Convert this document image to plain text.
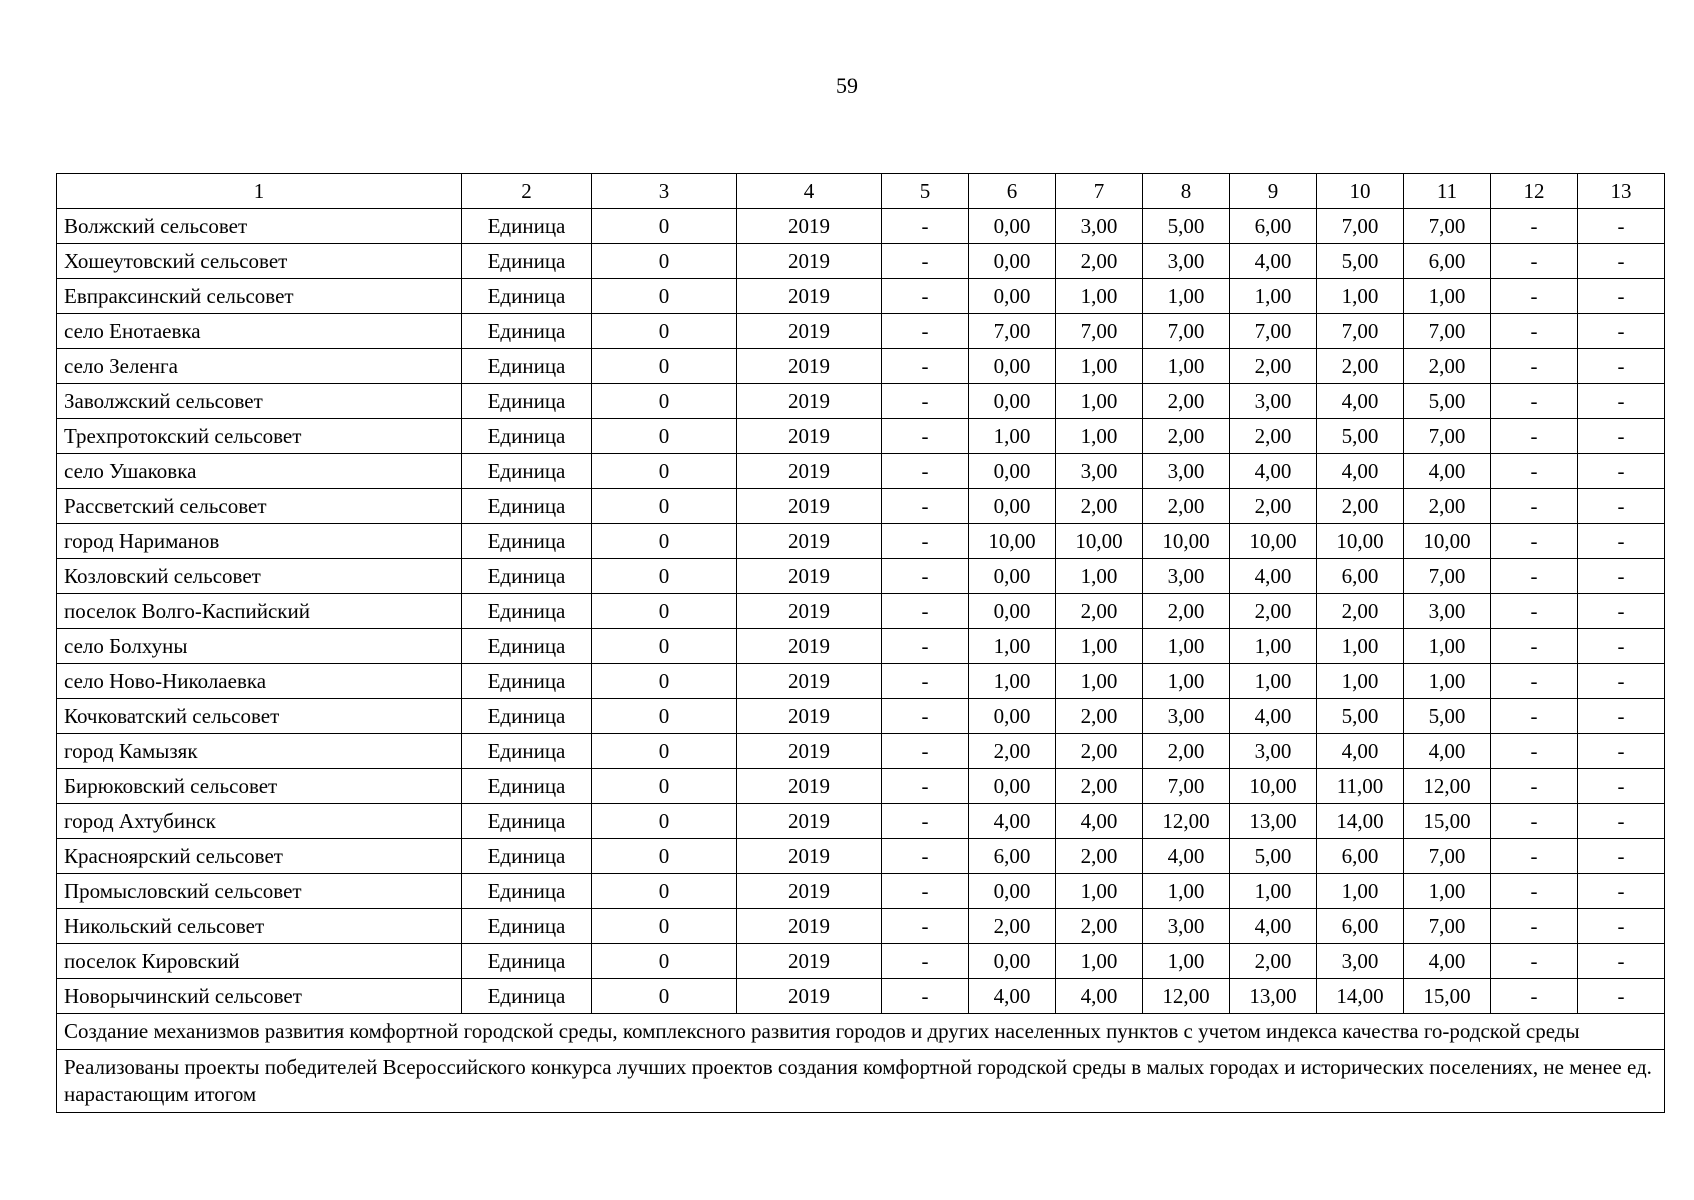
59
1	2	3	4	5	6	7	8	9	10	11	12	13
Волжский сельсовет	Единица	0	2019	-	0,00	3,00	5,00	6,00	7,00	7,00	-	-
Хошеутовский сельсовет	Единица	0	2019	-	0,00	2,00	3,00	4,00	5,00	6,00	-	-
Евпраксинский сельсовет	Единица	0	2019	-	0,00	1,00	1,00	1,00	1,00	1,00	-	-
село Енотаевка	Единица	0	2019	-	7,00	7,00	7,00	7,00	7,00	7,00	-	-
село Зеленга	Единица	0	2019	-	0,00	1,00	1,00	2,00	2,00	2,00	-	-
Заволжский сельсовет	Единица	0	2019	-	0,00	1,00	2,00	3,00	4,00	5,00	-	-
Трехпротокский сельсовет	Единица	0	2019	-	1,00	1,00	2,00	2,00	5,00	7,00	-	-
село Ушаковка	Единица	0	2019	-	0,00	3,00	3,00	4,00	4,00	4,00	-	-
Рассветский сельсовет	Единица	0	2019	-	0,00	2,00	2,00	2,00	2,00	2,00	-	-
город Нариманов	Единица	0	2019	-	10,00	10,00	10,00	10,00	10,00	10,00	-	-
Козловский сельсовет	Единица	0	2019	-	0,00	1,00	3,00	4,00	6,00	7,00	-	-
поселок Волго-Каспийский	Единица	0	2019	-	0,00	2,00	2,00	2,00	2,00	3,00	-	-
село Болхуны	Единица	0	2019	-	1,00	1,00	1,00	1,00	1,00	1,00	-	-
село Ново-Николаевка	Единица	0	2019	-	1,00	1,00	1,00	1,00	1,00	1,00	-	-
Кочковатский сельсовет	Единица	0	2019	-	0,00	2,00	3,00	4,00	5,00	5,00	-	-
город Камызяк	Единица	0	2019	-	2,00	2,00	2,00	3,00	4,00	4,00	-	-
Бирюковский сельсовет	Единица	0	2019	-	0,00	2,00	7,00	10,00	11,00	12,00	-	-
город Ахтубинск	Единица	0	2019	-	4,00	4,00	12,00	13,00	14,00	15,00	-	-
Красноярский сельсовет	Единица	0	2019	-	6,00	2,00	4,00	5,00	6,00	7,00	-	-
Промысловский сельсовет	Единица	0	2019	-	0,00	1,00	1,00	1,00	1,00	1,00	-	-
Никольский сельсовет	Единица	0	2019	-	2,00	2,00	3,00	4,00	6,00	7,00	-	-
поселок Кировский	Единица	0	2019	-	0,00	1,00	1,00	2,00	3,00	4,00	-	-
Новорычинский сельсовет	Единица	0	2019	-	4,00	4,00	12,00	13,00	14,00	15,00	-	-
Создание механизмов развития комфортной городской среды, комплексного развития городов и других населенных пунктов с учетом индекса качества го-родской среды												
Реализованы проекты победителей Всероссийского конкурса лучших проектов создания комфортной городской среды в малых городах и исторических поселениях, не менее ед. нарастающим итогом												
